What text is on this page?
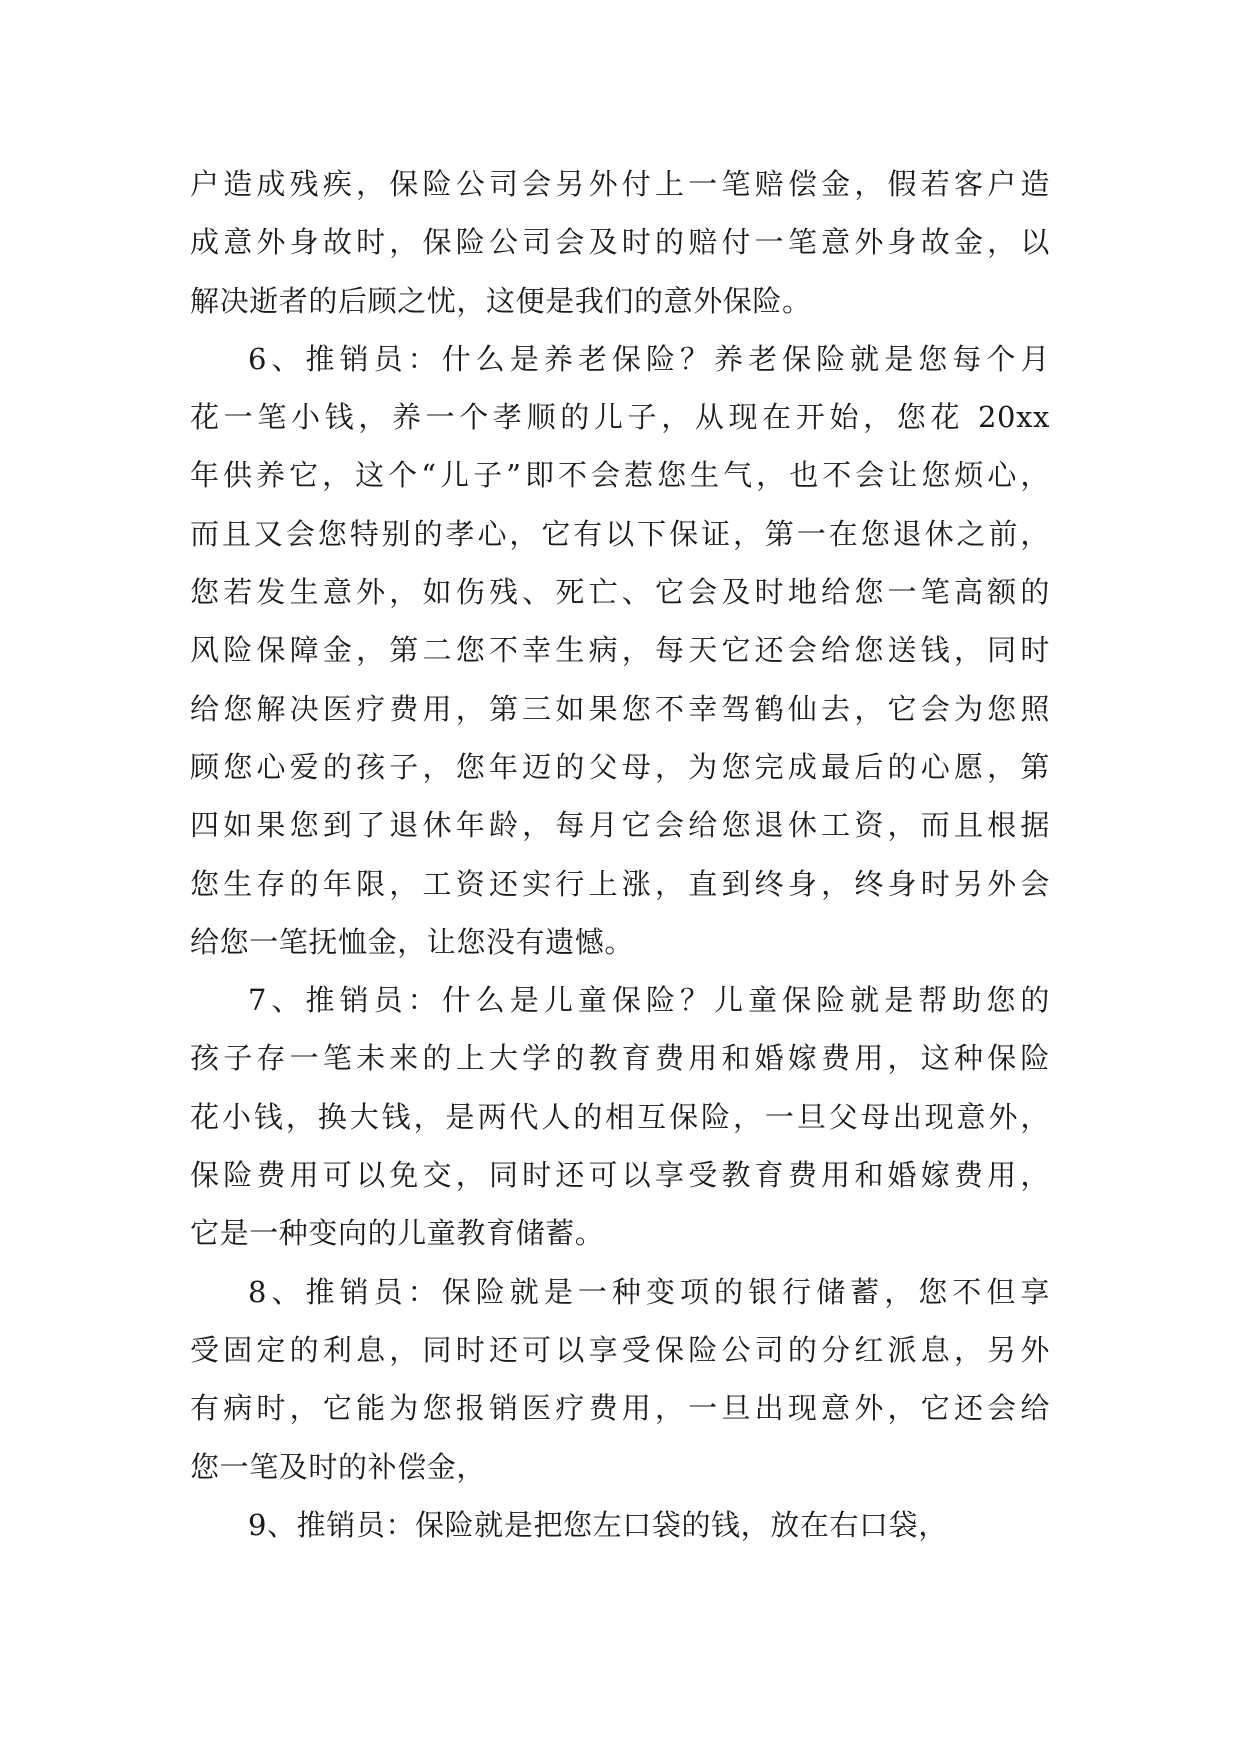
户造成残疾，保险公司会另外付上一笔赔偿金，假若客户造
成意外身故时，保险公司会及时的赔付一笔意外身故金，以
解决逝者的后顾之忧，这便是我们的意外保险。
6、推销员：什么是养老保险？养老保险就是您每个月
花一笔小钱，养一个孝顺的儿子，从现在开始，您花 20xx
年供养它，这个“儿子”即不会惹您生气，也不会让您烦心，
而且又会您特别的孝心，它有以下保证，第一在您退休之前，
您若发生意外，如伤残、死亡、它会及时地给您一笔高额的
风险保障金，第二您不幸生病，每天它还会给您送钱，同时
给您解决医疗费用，第三如果您不幸驾鹤仙去，它会为您照
顾您心爱的孩子，您年迈的父母，为您完成最后的心愿，第
四如果您到了退休年龄，每月它会给您退休工资，而且根据
您生存的年限，工资还实行上涨，直到终身，终身时另外会
给您一笔抚恤金，让您没有遗憾。
7、推销员：什么是儿童保险？儿童保险就是帮助您的
孩子存一笔未来的上大学的教育费用和婚嫁费用，这种保险
花小钱，换大钱，是两代人的相互保险，一旦父母出现意外，
保险费用可以免交，同时还可以享受教育费用和婚嫁费用，
它是一种变向的儿童教育储蓄。
8、推销员：保险就是一种变项的银行储蓄，您不但享
受固定的利息，同时还可以享受保险公司的分红派息，另外
有病时，它能为您报销医疗费用，一旦出现意外，它还会给
您一笔及时的补偿金，
9、推销员：保险就是把您左口袋的钱，放在右口袋，
